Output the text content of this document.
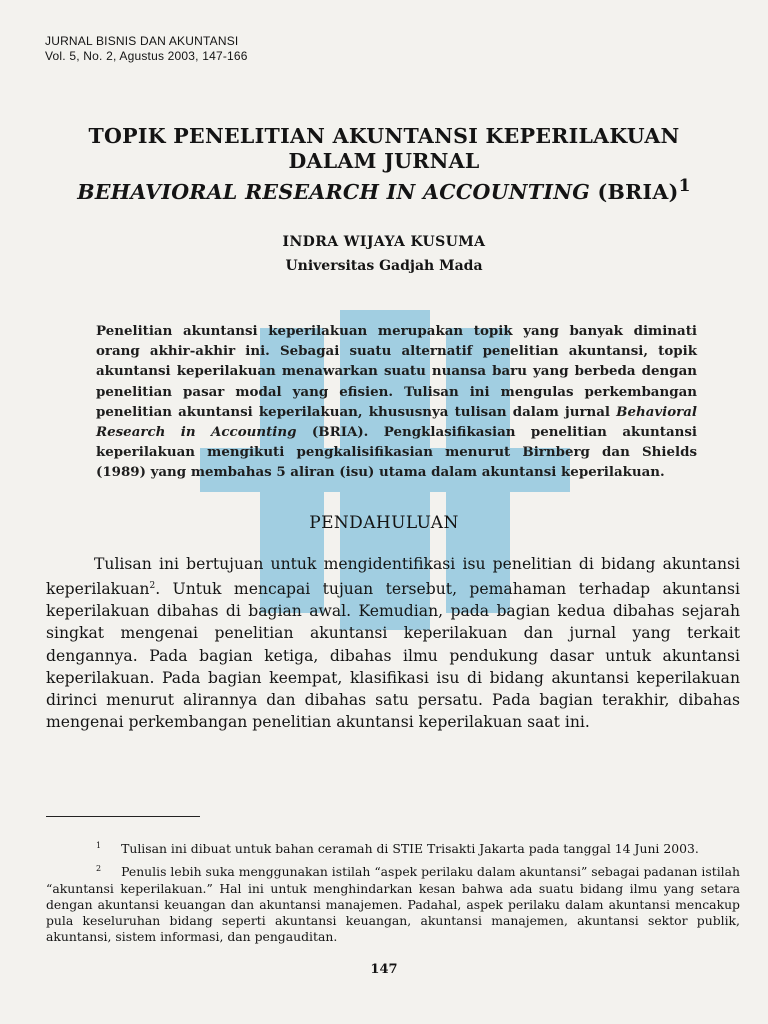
JURNAL BISNIS DAN AKUNTANSI
Vol. 5, No. 2, Agustus 2003, 147-166
TOPIK PENELITIAN AKUNTANSI KEPERILAKUAN
DALAM JURNAL
BEHAVIORAL RESEARCH IN ACCOUNTING (BRIA)$^1$
INDRA WIJAYA KUSUMA
Universitas Gadjah Mada
Penelitian akuntansi keperilakuan merupakan topik yang banyak diminati orang akhir-akhir ini. Sebagai suatu alternatif penelitian akuntansi, topik akuntansi keperilakuan menawarkan suatu nuansa baru yang berbeda dengan penelitian pasar modal yang efisien. Tulisan ini mengulas perkembangan penelitian akuntansi keperilakuan, khususnya tulisan dalam jurnal Behavioral Research in Accounting (BRIA). Pengklasifikasian penelitian akuntansi keperilakuan mengikuti pengkalisifikasian menurut Birnberg dan Shields (1989) yang membahas 5 aliran (isu) utama dalam akuntansi keperilakuan.
PENDAHULUAN
Tulisan ini bertujuan untuk mengidentifikasi isu penelitian di bidang akuntansi keperilakuan$^2$. Untuk mencapai tujuan tersebut, pemahaman terhadap akuntansi keperilakuan dibahas di bagian awal. Kemudian, pada bagian kedua dibahas sejarah singkat mengenai penelitian akuntansi keperilakuan dan jurnal yang terkait dengannya. Pada bagian ketiga, dibahas ilmu pendukung dasar untuk akuntansi keperilakuan. Pada bagian keempat, klasifikasi isu di bidang akuntansi keperilakuan dirinci menurut alirannya dan dibahas satu persatu. Pada bagian terakhir, dibahas mengenai perkembangan penelitian akuntansi keperilakuan saat ini.

$^1$ Tulisan ini dibuat untuk bahan ceramah di STIE Trisakti Jakarta pada tanggal 14 Juni 2003.

$^2$ Penulis lebih suka menggunakan istilah “aspek perilaku dalam akuntansi” sebagai padanan istilah “akuntansi keperilakuan.” Hal ini untuk menghindarkan kesan bahwa ada suatu bidang ilmu yang setara dengan akuntansi keuangan dan akuntansi manajemen. Padahal, aspek perilaku dalam akuntansi mencakup pula keseluruhan bidang seperti akuntansi keuangan, akuntansi manajemen, akuntansi sektor publik, akuntansi, sistem informasi, dan pengauditan.

147
